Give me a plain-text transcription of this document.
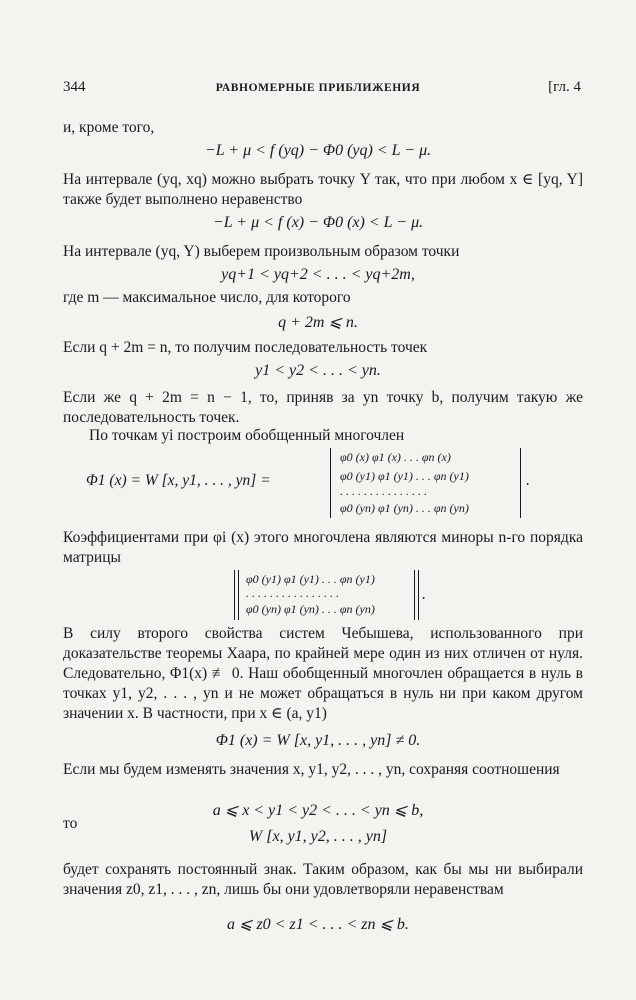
344	РАВНОМЕРНЫЕ ПРИБЛИЖЕНИЯ	[гл. 4
и, кроме того,
−L + μ < f (yq) − Φ0 (yq) < L − μ.
На интервале (yq, xq) можно выбрать точку Y так, что при любом x ∈ [yq, Y] также будет выполнено неравенство
−L + μ < f (x) − Φ0 (x) < L − μ.
На интервале (yq, Y) выберем произвольным образом точки
yq+1 < yq+2 < . . . < yq+2m,
где m — максимальное число, для которого
q + 2m ⩽ n.
Если q + 2m = n, то получим последовательность точек
y1 < y2 < . . . < yn.
Если же q + 2m = n − 1, то, приняв за yn точку b, получим такую же последовательность точек.
По точкам yi построим обобщенный многочлен
Φ1 (x) = W [x, y1, . . . , yn] =
φ0 (x) φ1 (x) . . . φn (x)
φ0 (y1) φ1 (y1) . . . φn (y1)
. . . . . . . . . . . . . . .
φ0 (yn) φ1 (yn) . . . φn (yn)
.
Коэффициентами при φi (x) этого многочлена являются миноры n-го порядка матрицы
φ0 (y1) φ1 (y1) . . . φn (y1)
. . . . . . . . . . . . . . . .
φ0 (yn) φ1 (yn) . . . φn (yn)
.
В силу второго свойства систем Чебышева, использованного при доказательстве теоремы Хаара, по крайней мере один из них отличен от нуля. Следовательно, Φ1(x) ≢ 0. Наш обобщенный многочлен обращается в нуль в точках y1, y2, . . . , yn и не может обращаться в нуль ни при каком другом значении x. В частности, при x ∈ (a, y1)
Φ1 (x) = W [x, y1, . . . , yn] ≠ 0.
Если мы будем изменять значения x, y1, y2, . . . , yn, сохраняя соотношения
a ⩽ x < y1 < y2 < . . . < yn ⩽ b,
то
W [x, y1, y2, . . . , yn]
будет сохранять постоянный знак. Таким образом, как бы мы ни выбирали значения z0, z1, . . . , zn, лишь бы они удовлетворяли неравенствам
a ⩽ z0 < z1 < . . . < zn ⩽ b.
